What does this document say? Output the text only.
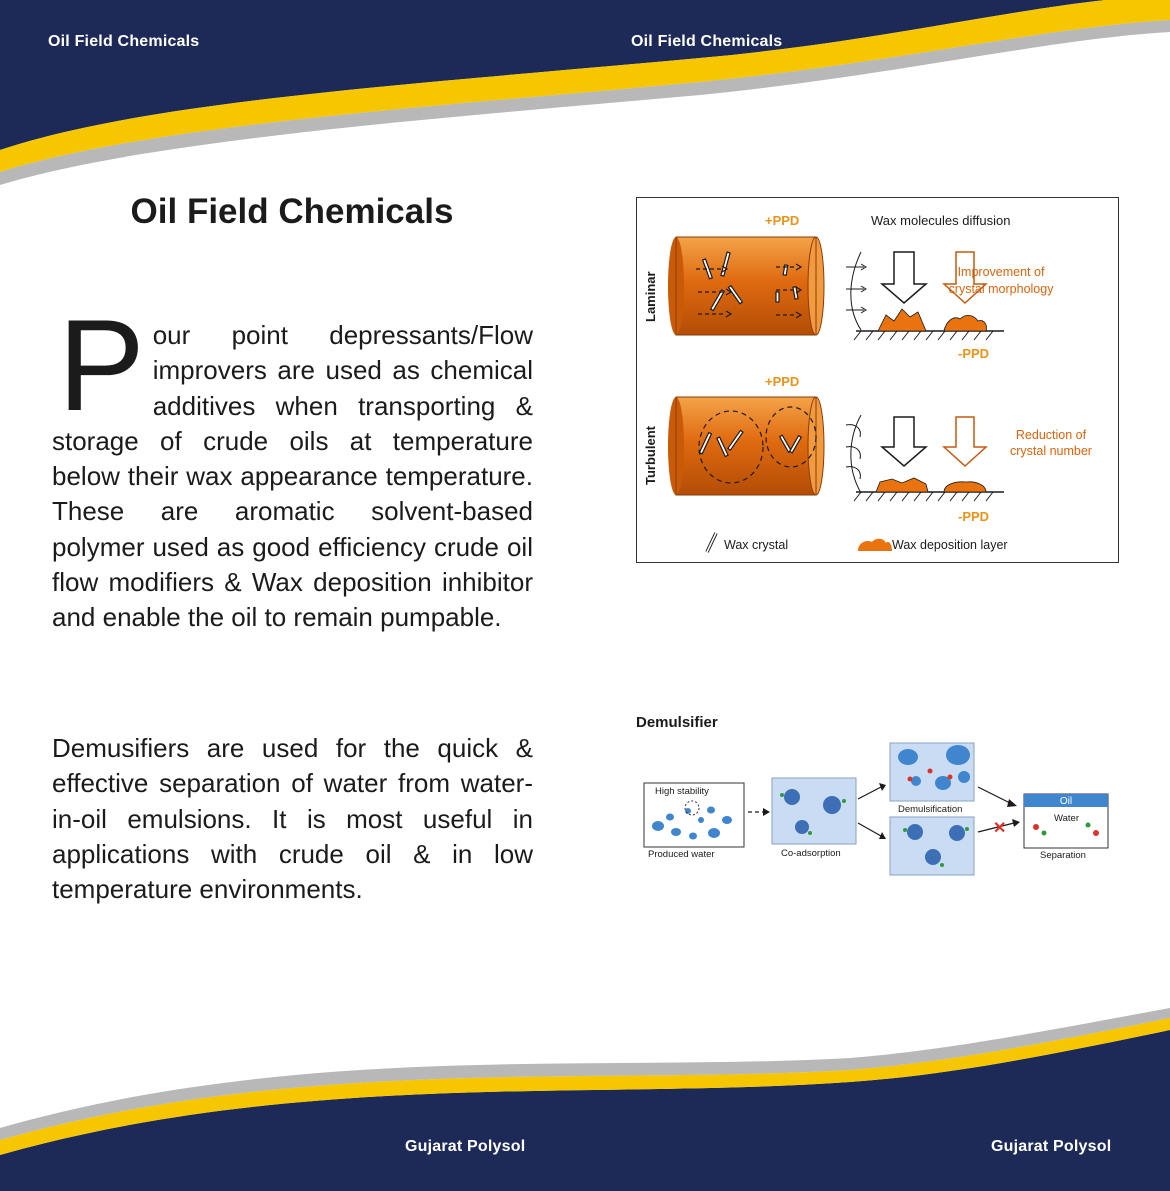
Oil Field Chemicals	Oil Field Chemicals
Gujarat Polysol	Gujarat Polysol
Oil Field Chemicals

Pour point depressants/Flow improvers are used as chemical additives when transporting & storage of crude oils at temperature below their wax appearance temperature. These are aromatic solvent-based polymer used as good efficiency crude oil flow modifiers & Wax deposition inhibitor and enable the oil to remain pumpable.

Demusifiers are used for the quick & effective separation of water from water-in-oil emulsions. It is most useful in applications with crude oil & in low temperature environments.

+PPD	Wax molecules diffusion
Laminar
Turbulent
Improvement of
crystal morphology
-PPD
+PPD
Reduction of
crystal number
-PPD
Wax crystal	Wax deposition layer
Demulsifier
High stability
Produced water	Co-adsorption
Demulsification
✕
Oil
Water
Separation
